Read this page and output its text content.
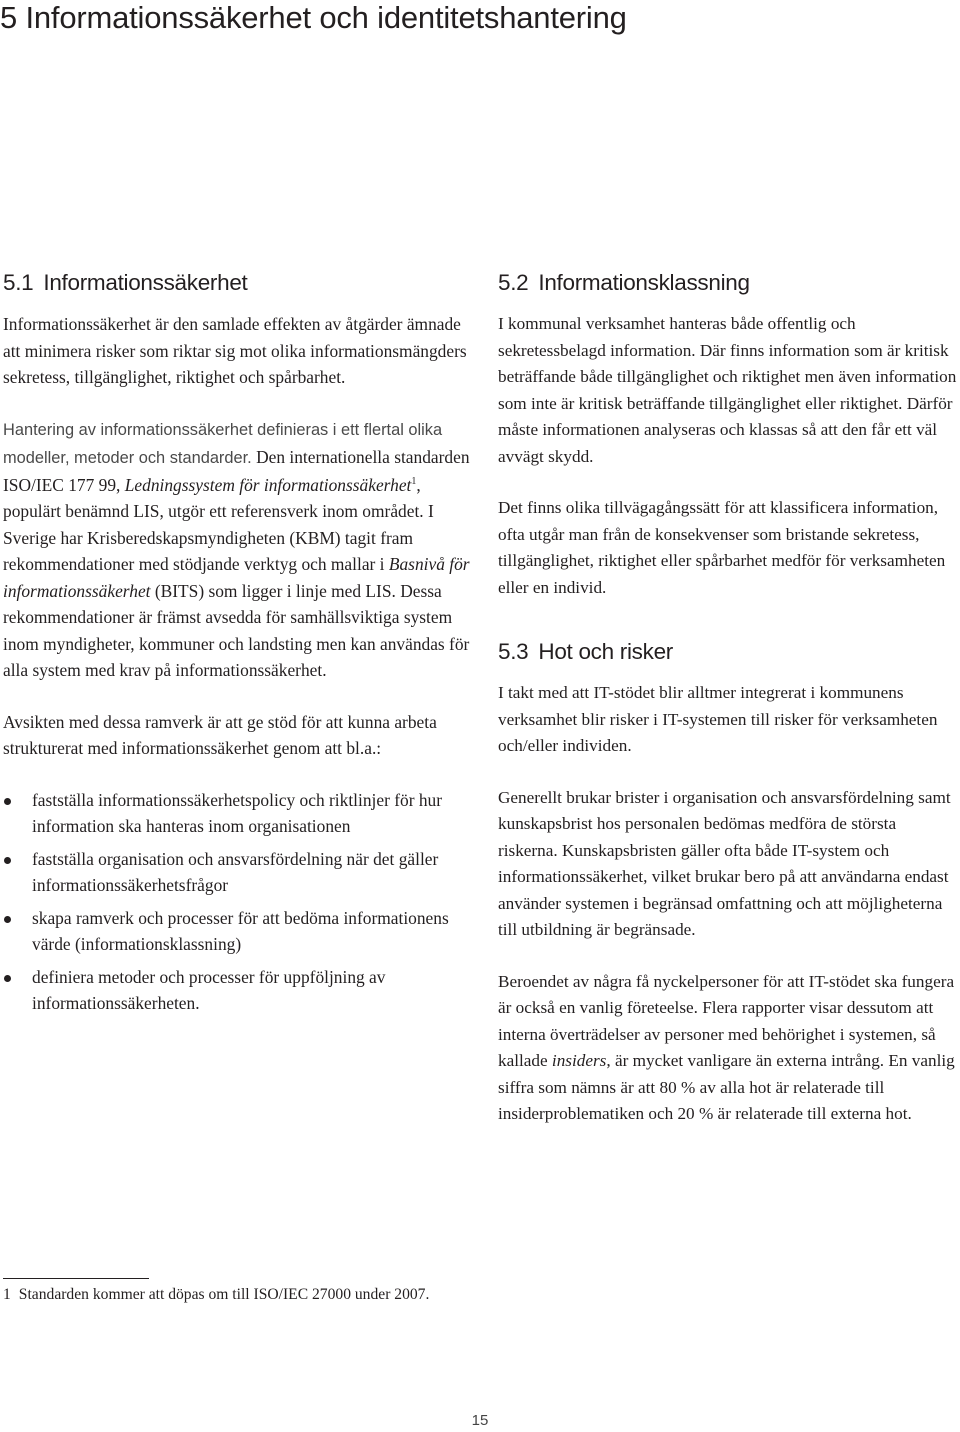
5 Informationssäkerhet och identitetshantering
5.1 Informationssäkerhet

Informationssäkerhet är den samlade effekten av åtgärder ämnade att minimera risker som riktar sig mot olika informationsmängders sekretess, tillgänglighet, riktighet och spårbarhet.

Hantering av informationssäkerhet definieras i ett flertal olika modeller, metoder och standarder. Den internationella standarden ISO/IEC 177 99, Ledningssystem för informationssäkerhet$^1$, populärt benämnd LIS, utgör ett referensverk inom området. I Sverige har Krisberedskapsmyndigheten (KBM) tagit fram rekommendationer med stödjande verktyg och mallar i Basnivå för informationssäkerhet (BITS) som ligger i linje med LIS. Dessa rekommendationer är främst avsedda för samhällsviktiga system inom myndigheter, kommuner och landsting men kan användas för alla system med krav på informationssäkerhet.

Avsikten med dessa ramverk är att ge stöd för att kunna arbeta strukturerat med informationssäkerhet genom att bl.a.:

fastställa informationssäkerhetspolicy och riktlinjer för hur information ska hanteras inom organisationen
fastställa organisation och ansvarsfördelning när det gäller informationssäkerhetsfrågor
skapa ramverk och processer för att bedöma informationens värde (informationsklassning)
definiera metoder och processer för uppföljning av informationssäkerheten.
5.2 Informationsklassning

I kommunal verksamhet hanteras både offentlig och sekretessbelagd information. Där finns information som är kritisk beträffande både tillgänglighet och riktighet men även information som inte är kritisk beträffande tillgänglighet eller riktighet. Därför måste informationen analyseras och klassas så att den får ett väl avvägt skydd.

Det finns olika tillvägagångssätt för att klassificera information, ofta utgår man från de konsekvenser som bristande sekretess, tillgänglighet, riktighet eller spårbarhet medför för verksamheten eller en individ.

5.3 Hot och risker

I takt med att IT-stödet blir alltmer integrerat i kommunens verksamhet blir risker i IT-systemen till risker för verksamheten och/eller individen.

Generellt brukar brister i organisation och ansvarsfördelning samt kunskapsbrist hos personalen bedömas medföra de största riskerna. Kunskapsbristen gäller ofta både IT-system och informationssäkerhet, vilket brukar bero på att användarna endast använder systemen i begränsad omfattning och att möjligheterna till utbildning är begränsade.

Beroendet av några få nyckelpersoner för att IT-stödet ska fungera är också en vanlig företeelse. Flera rapporter visar dessutom att interna överträdelser av personer med behörighet i systemen, så kallade insiders, är mycket vanligare än externa intrång. En vanlig siffra som nämns är att 80 % av alla hot är relaterade till insiderproblematiken och 20 % är relaterade till externa hot.

1 Standarden kommer att döpas om till ISO/IEC 27000 under 2007.
15
